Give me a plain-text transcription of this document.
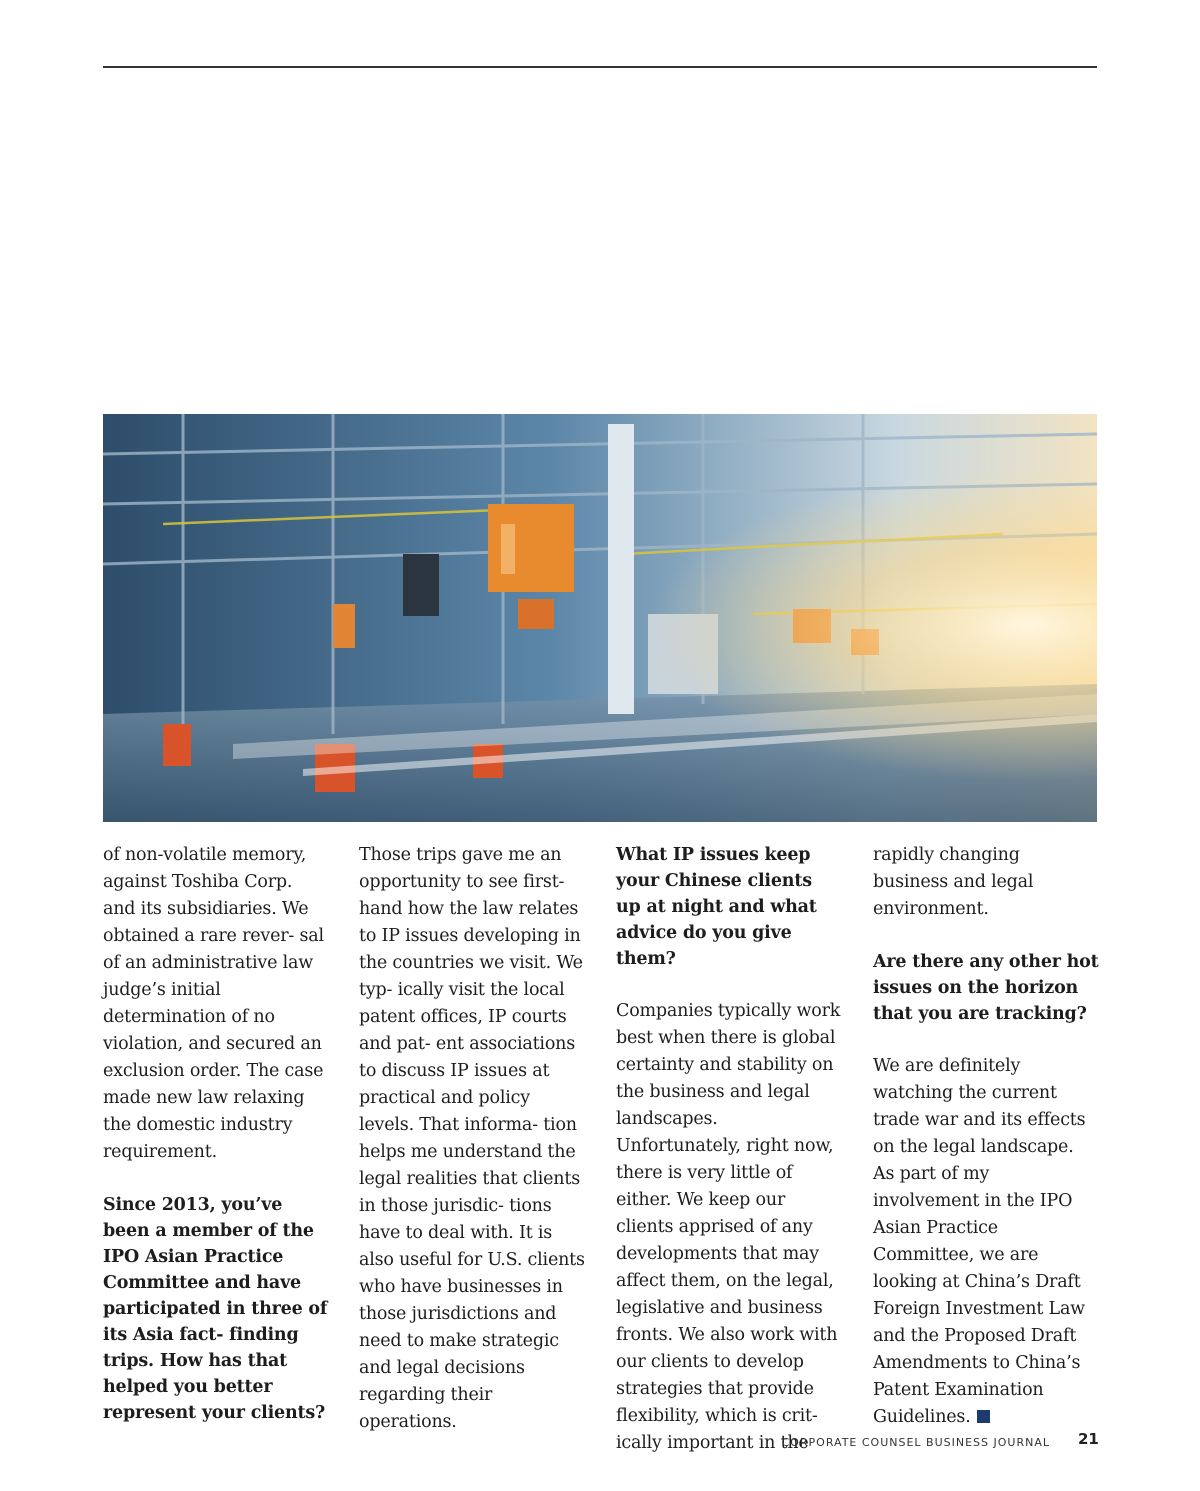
of non-volatile memory, against Toshiba Corp. and its subsidiaries. We obtained a rare rever- sal of an administrative law judge’s initial determination of no violation, and secured an exclusion order. The case made new law relaxing the domestic industry requirement.

Since 2013, you’ve been a member of the IPO Asian Practice Committee and have participated in three of its Asia fact- finding trips. How has that helped you better represent your clients?

Those trips gave me an opportunity to see first- hand how the law relates to IP issues developing in the countries we visit. We typ- ically visit the local patent offices, IP courts and pat- ent associations to discuss IP issues at practical and policy levels. That informa- tion helps me understand the legal realities that clients in those jurisdic- tions have to deal with. It is also useful for U.S. clients who have businesses in those jurisdictions and need to make strategic and legal decisions regarding their operations.

What IP issues keep your Chinese clients up at night and what advice do you give them?

Companies typically work best when there is global certainty and stability on the business and legal landscapes. Unfortunately, right now, there is very little of either. We keep our clients apprised of any developments that may affect them, on the legal, legislative and business fronts. We also work with our clients to develop strategies that provide flexibility, which is crit- ically important in the

rapidly changing business and legal environment.

Are there any other hot issues on the horizon that you are tracking?

We are definitely watching the current trade war and its effects on the legal landscape. As part of my involvement in the IPO Asian Practice Committee, we are looking at China’s Draft Foreign Investment Law and the Proposed Draft Amendments to China’s Patent Examination Guidelines.

CORPORATE COUNSEL BUSINESS JOURNAL 21
